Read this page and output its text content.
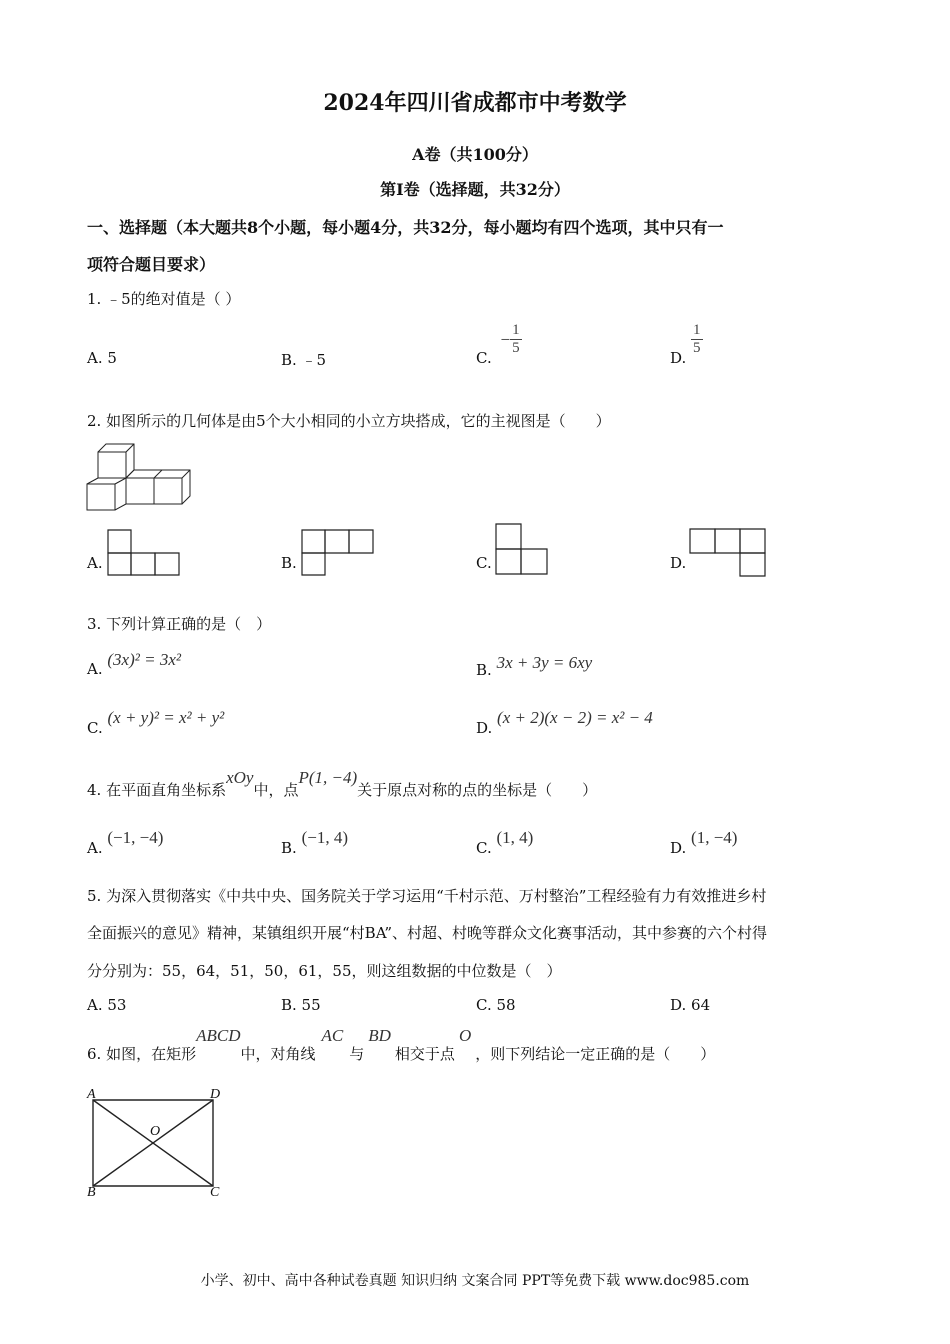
2024年四川省成都市中考数学
A卷（共100分）
第I卷（选择题，共32分）
一、选择题（本大题共8个小题，每小题4分，共32分，每小题均有四个选项，其中只有一
项符合题目要求）
1. ﹣5的绝对值是（ ）
A. 5	B. ﹣5	C. − $\frac{1}{5}$
D.
$\frac{1}{5}$
2. 如图所示的几何体是由5个大小相同的小立方块搭成，它的主视图是（　　）
A.	B.	C.	D.
3. 下列计算正确的是（　）
A. (3x)² = 3x²
B. 3x + 3y = 6xy
C. (x + y)² = x² + y²
D. (x + 2)(x − 2) = x² − 4
4. 在平面直角坐标系xOy中，点P(1, −4)关于原点对称的点的坐标是（　　）
A. (−1, −4)
B. (−1, 4)
C. (1, 4)
D. (1, −4)
5. 为深入贯彻落实《中共中央、国务院关于学习运用“千村示范、万村整治”工程经验有力有效推进乡村
全面振兴的意见》精神，某镇组织开展“村BA”、村超、村晚等群众文化赛事活动，其中参赛的六个村得
分分别为：55，64，51，50，61，55，则这组数据的中位数是（　）
A. 53	B. 55	C. 58	D. 64
6. 如图，在矩形ABCD中，对角线AC与BD相交于点O，则下列结论一定正确的是（　　）
A	D
B	C
O
小学、初中、高中各种试卷真题 知识归纳 文案合同 PPT等免费下载 www.doc985.com
